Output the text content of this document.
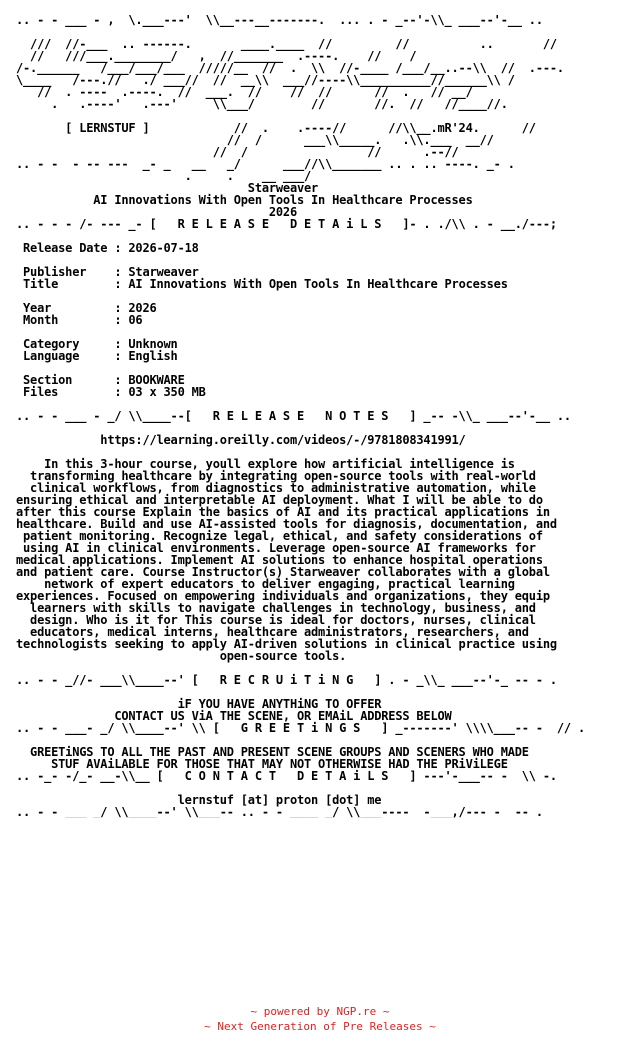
.. - - ___ - ,  \.___---'  \\__---__-------.  ... . - _--'-\\_ ___--'-__ ..

///  //-___  .. ------.       ____.____  //         //          ..       //
//   ///___.________/   ,  //_______  .----.    //    /
/-.______   /___/___/___  /////__  //  .  \\  //-____ /___/__..--\\  //  .---.
\____   /---.//   ./ ___//  //  __\\  ___//----\\__________//______\\ /
//  . ----  .----.  //  ___.  //    //  //      //  .   // __/
.   .----'   .---'     \\___/        //       //.  //   //____//.

[ LERNSTUF ]            //  .    .----//      //\\__.mR'24.      //
//  /      ___\\_____.   .\\.___  __//
//  /                 //      .--//
.. - -  - -- ---  _- _   __   _/      ___//\\_______ .. . .. ----. _- .
.     .    __ ___/
Starweaver
AI Innovations With Open Tools In Healthcare Processes
2026
.. - - - /- --- _- [   R E L E A S E   D E T A i L S   ]- . ./\\ . - __./---;

Release Date : 2026-07-18

Publisher    : Starweaver
Title        : AI Innovations With Open Tools In Healthcare Processes

Year         : 2026
Month        : 06

Category     : Unknown
Language     : English

Section      : BOOKWARE
Files        : 03 x 350 MB

.. - - ___ - _/ \\____--[   R E L E A S E   N O T E S   ] _-- -\\_ ___--'-__ ..

https://learning.oreilly.com/videos/-/9781808341991/

In this 3-hour course, youll explore how artificial intelligence is
transforming healthcare by integrating open-source tools with real-world
clinical workflows, from diagnostics to administrative automation, while
ensuring ethical and interpretable AI deployment. What I will be able to do
after this course Explain the basics of AI and its practical applications in
healthcare. Build and use AI-assisted tools for diagnosis, documentation, and
patient monitoring. Recognize legal, ethical, and safety considerations of
using AI in clinical environments. Leverage open-source AI frameworks for
medical applications. Implement AI solutions to enhance hospital operations
and patient care. Course Instructor(s) Starweaver collaborates with a global
network of expert educators to deliver engaging, practical learning
experiences. Focused on empowering individuals and organizations, they equip
learners with skills to navigate challenges in technology, business, and
design. Who is it for This course is ideal for doctors, nurses, clinical
educators, medical interns, healthcare administrators, researchers, and
technologists seeking to apply AI-driven solutions in clinical practice using
open-source tools.

.. - - _//- ___\\____--' [   R E C R U i T i N G   ] . - _\\_ ___--'-_ -- - .

iF YOU HAVE ANYTHiNG TO OFFER
CONTACT US ViA THE SCENE, OR EMAiL ADDRESS BELOW
.. - - ___- _/ \\____--' \\ [   G R E E T i N G S   ] _-------' \\\\___-- -  // .

GREETiNGS TO ALL THE PAST AND PRESENT SCENE GROUPS AND SCENERS WHO MADE
STUF AVAiLABLE FOR THOSE THAT MAY NOT OTHERWISE HAD THE PRiViLEGE
.. -_- -/_- __-\\__ [   C O N T A C T   D E T A i L S   ] ---'-___-- -  \\ -.

lernstuf [at] proton [dot] me
.. - - ___ _/ \\____--' \\___-- .. - - ____ _/ \\___----  -___,/--- -  -- .
~ powered by NGP.re ~
~ Next Generation of Pre Releases ~
